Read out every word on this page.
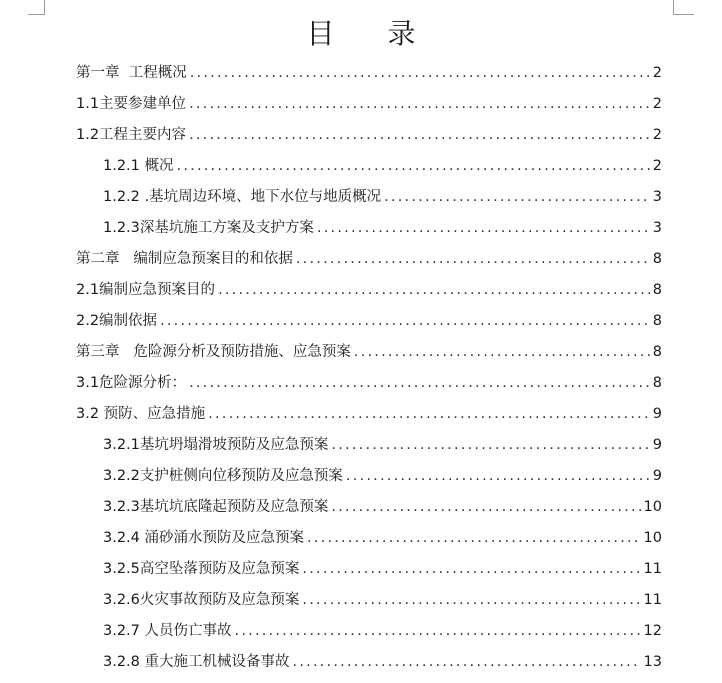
目 录
第一章  工程概况 .....	2
1.1主要参建单位 .....	2
1.2工程主要内容 .....	2
1.2.1 概况 .....	2
1.2.2 .基坑周边环境、地下水位与地质概况 .....	3
1.2.3深基坑施工方案及支护方案 .....	3
第二章   编制应急预案目的和依据 .....	8
2.1编制应急预案目的 .....	8
2.2编制依据 .....	8
第三章   危险源分析及预防措施、应急预案 .....	8
3.1危险源分析： .....	8
3.2 预防、应急措施 .....	9
3.2.1基坑坍塌滑坡预防及应急预案 .....	9
3.2.2支护桩侧向位移预防及应急预案 .....	9
3.2.3基坑坑底隆起预防及应急预案 .....	10
3.2.4 涌砂涌水预防及应急预案 .....	10
3.2.5高空坠落预防及应急预案 .....	11
3.2.6火灾事故预防及应急预案 .....	11
3.2.7 人员伤亡事故 .....	12
3.2.8 重大施工机械设备事故 .....	13
